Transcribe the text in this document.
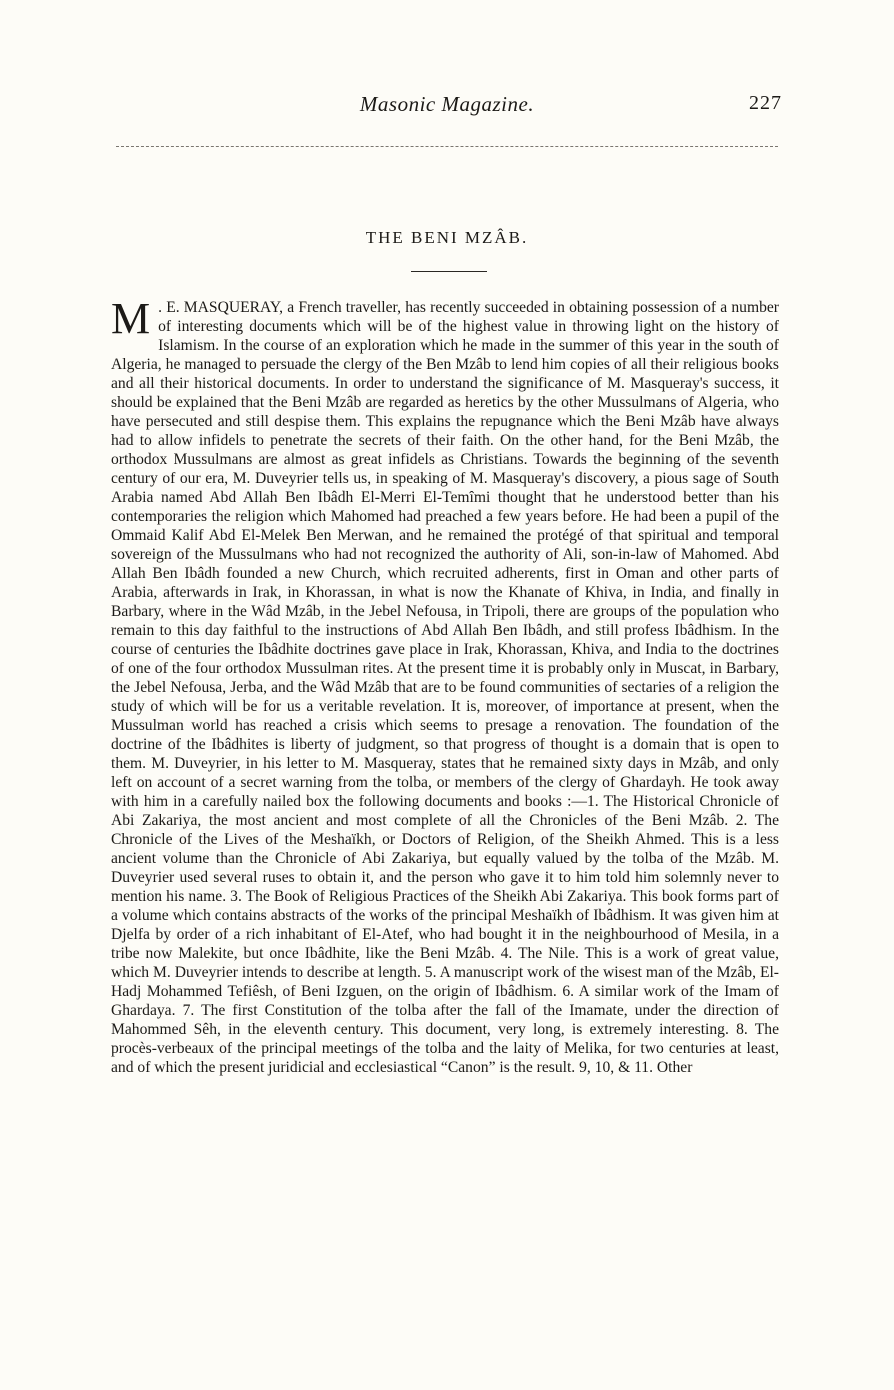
Masonic Magazine.	227
THE BENI MZÂB.

M . E. MASQUERAY, a French traveller, has recently succeeded in obtaining possession of a number of interesting documents which will be of the highest value in throwing light on the history of Islamism. In the course of an exploration which he made in the summer of this year in the south of Algeria, he managed to persuade the clergy of the Ben Mzâb to lend him copies of all their religious books and all their historical documents. In order to understand the significance of M. Masqueray's success, it should be explained that the Beni Mzâb are regarded as heretics by the other Mussulmans of Algeria, who have persecuted and still despise them. This explains the repugnance which the Beni Mzâb have always had to allow infidels to penetrate the secrets of their faith. On the other hand, for the Beni Mzâb, the orthodox Mussulmans are almost as great infidels as Christians. Towards the beginning of the seventh century of our era, M. Duveyrier tells us, in speaking of M. Masqueray's discovery, a pious sage of South Arabia named Abd Allah Ben Ibâdh El-Merri El-Temîmi thought that he understood better than his contemporaries the religion which Mahomed had preached a few years before. He had been a pupil of the Ommaid Kalif Abd El-Melek Ben Merwan, and he remained the protégé of that spiritual and temporal sovereign of the Mussulmans who had not recognized the authority of Ali, son-in-law of Mahomed. Abd Allah Ben Ibâdh founded a new Church, which recruited adherents, first in Oman and other parts of Arabia, afterwards in Irak, in Khorassan, in what is now the Khanate of Khiva, in India, and finally in Barbary, where in the Wâd Mzâb, in the Jebel Nefousa, in Tripoli, there are groups of the population who remain to this day faithful to the instructions of Abd Allah Ben Ibâdh, and still profess Ibâdhism. In the course of centuries the Ibâdhite doctrines gave place in Irak, Khorassan, Khiva, and India to the doctrines of one of the four orthodox Mussulman rites. At the present time it is probably only in Muscat, in Barbary, the Jebel Nefousa, Jerba, and the Wâd Mzâb that are to be found communities of sectaries of a religion the study of which will be for us a veritable revelation. It is, moreover, of importance at present, when the Mussulman world has reached a crisis which seems to presage a renovation. The foundation of the doctrine of the Ibâdhites is liberty of judgment, so that progress of thought is a domain that is open to them. M. Duveyrier, in his letter to M. Masqueray, states that he remained sixty days in Mzâb, and only left on account of a secret warning from the tolba, or members of the clergy of Ghardayh. He took away with him in a carefully nailed box the following documents and books :—1. The Historical Chronicle of Abi Zakariya, the most ancient and most complete of all the Chronicles of the Beni Mzâb. 2. The Chronicle of the Lives of the Meshaïkh, or Doctors of Religion, of the Sheikh Ahmed. This is a less ancient volume than the Chronicle of Abi Zakariya, but equally valued by the tolba of the Mzâb. M. Duveyrier used several ruses to obtain it, and the person who gave it to him told him solemnly never to mention his name. 3. The Book of Religious Practices of the Sheikh Abi Zakariya. This book forms part of a volume which contains abstracts of the works of the principal Meshaïkh of Ibâdhism. It was given him at Djelfa by order of a rich inhabitant of El-Atef, who had bought it in the neighbourhood of Mesila, in a tribe now Malekite, but once Ibâdhite, like the Beni Mzâb. 4. The Nile. This is a work of great value, which M. Duveyrier intends to describe at length. 5. A manuscript work of the wisest man of the Mzâb, El-Hadj Mohammed Tefiêsh, of Beni Izguen, on the origin of Ibâdhism. 6. A similar work of the Imam of Ghardaya. 7. The first Constitution of the tolba after the fall of the Imamate, under the direction of Mahommed Sêh, in the eleventh century. This document, very long, is extremely interesting. 8. The procès-verbeaux of the principal meetings of the tolba and the laity of Melika, for two centuries at least, and of which the present juridicial and ecclesiastical “Canon” is the result. 9, 10, & 11. Other
